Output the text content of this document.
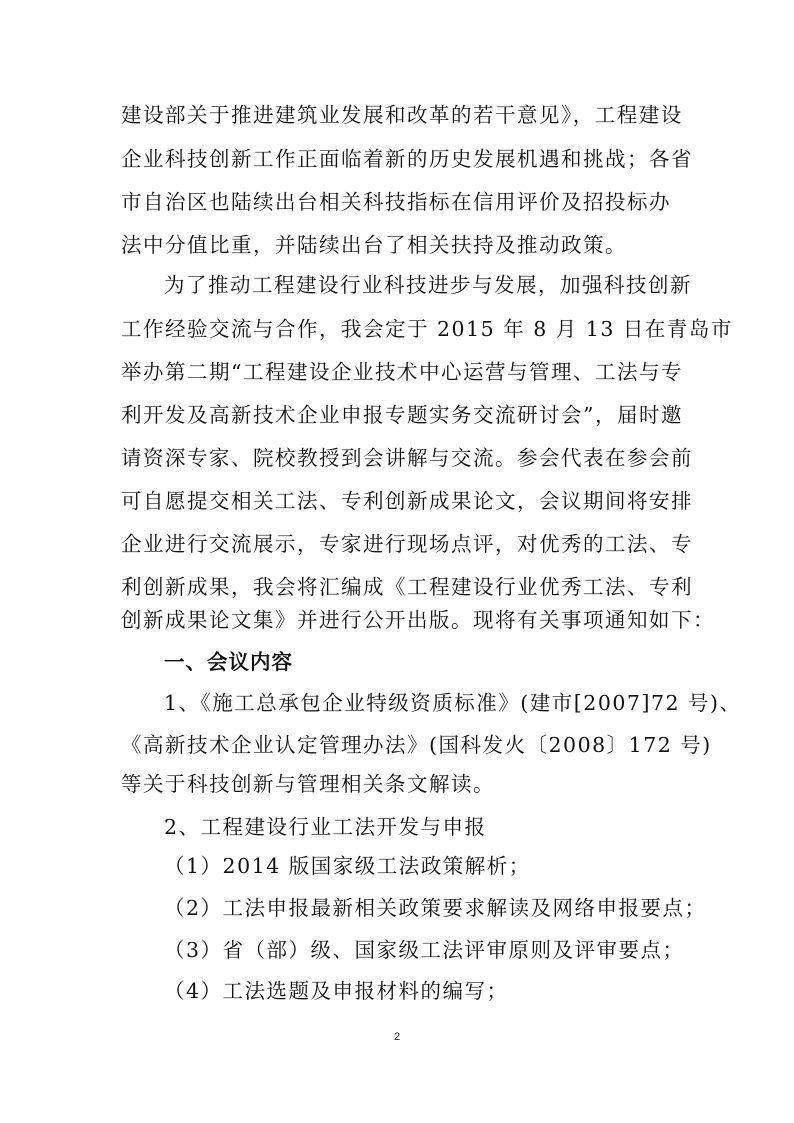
建设部关于推进建筑业发展和改革的若干意见》，工程建设
企业科技创新工作正面临着新的历史发展机遇和挑战；各省
市自治区也陆续出台相关科技指标在信用评价及招投标办
法中分值比重，并陆续出台了相关扶持及推动政策。
为了推动工程建设行业科技进步与发展，加强科技创新
工作经验交流与合作，我会定于 2015 年 8 月 13 日在青岛市
举办第二期“工程建设企业技术中心运营与管理、工法与专
利开发及高新技术企业申报专题实务交流研讨会”，届时邀
请资深专家、院校教授到会讲解与交流。参会代表在参会前
可自愿提交相关工法、专利创新成果论文，会议期间将安排
企业进行交流展示，专家进行现场点评，对优秀的工法、专
利创新成果，我会将汇编成《工程建设行业优秀工法、专利
创新成果论文集》并进行公开出版。现将有关事项通知如下：
一、会议内容
1、《施工总承包企业特级资质标准》(建市[2007]72 号)、
《高新技术企业认定管理办法》(国科发火〔2008〕172 号)
等关于科技创新与管理相关条文解读。
2、工程建设行业工法开发与申报
（1）2014 版国家级工法政策解析；
（2）工法申报最新相关政策要求解读及网络申报要点；
（3）省（部）级、国家级工法评审原则及评审要点；
（4）工法选题及申报材料的编写；
2
